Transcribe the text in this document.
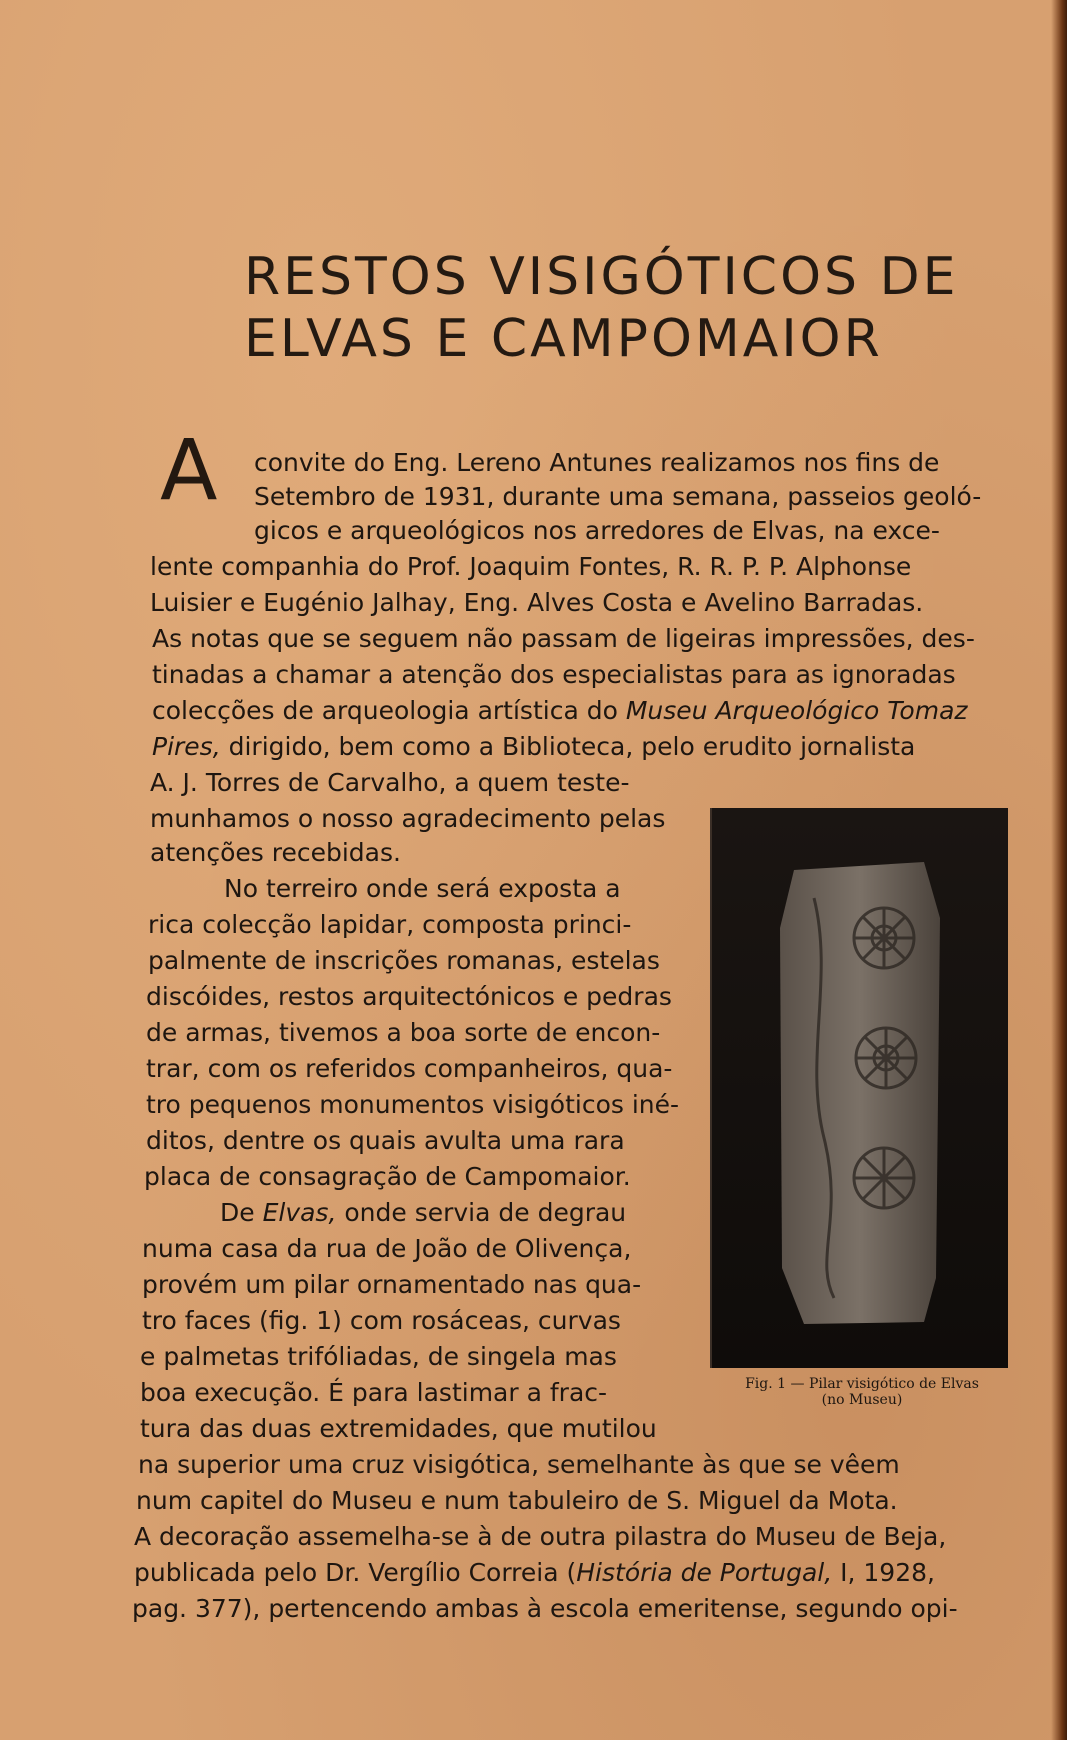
RESTOS VISIGÓTICOS DE
ELVAS E CAMPOMAIOR
A convite do Eng. Lereno Antunes realizamos nos fins de
Setembro de 1931, durante uma semana, passeios geoló-
gicos e arqueológicos nos arredores de Elvas, na exce-
lente companhia do Prof. Joaquim Fontes, R. R. P. P. Alphonse
Luisier e Eugénio Jalhay, Eng. Alves Costa e Avelino Barradas.
As notas que se seguem não passam de ligeiras impressões, des-
tinadas a chamar a atenção dos especialistas para as ignoradas
colecções de arqueologia artística do Museu Arqueológico Tomaz
Pires, dirigido, bem como a Biblioteca, pelo erudito jornalista
A. J. Torres de Carvalho, a quem teste-
munhamos o nosso agradecimento pelas
atenções recebidas.
No terreiro onde será exposta a
rica colecção lapidar, composta princi-
palmente de inscrições romanas, estelas
discóides, restos arquitectónicos e pedras
de armas, tivemos a boa sorte de encon-
trar, com os referidos companheiros, qua-
tro pequenos monumentos visigóticos iné-
ditos, dentre os quais avulta uma rara
placa de consagração de Campomaior.
De Elvas, onde servia de degrau
numa casa da rua de João de Olivença,
provém um pilar ornamentado nas qua-
tro faces (fig. 1) com rosáceas, curvas
e palmetas trifóliadas, de singela mas
boa execução. É para lastimar a frac-
tura das duas extremidades, que mutilou
na superior uma cruz visigótica, semelhante às que se vêem
num capitel do Museu e num tabuleiro de S. Miguel da Mota.
A decoração assemelha-se à de outra pilastra do Museu de Beja,
publicada pelo Dr. Vergílio Correia (História de Portugal, I, 1928,
pag. 377), pertencendo ambas à escola emeritense, segundo opi-
Fig. 1 — Pilar visigótico de Elvas
(no Museu)
